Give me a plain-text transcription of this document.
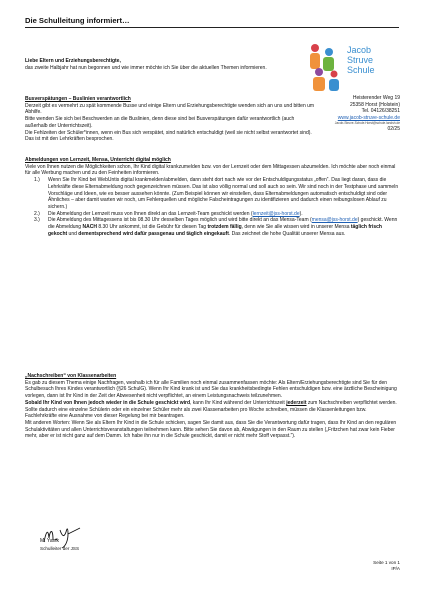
Die Schulleitung informiert…
Jacob
Struve
Schule
Heisterender Weg 19
25358 Horst (Holstein)
Tel. 04126/38251
www.jacob-struve-schule.de
Jacob-Struve-Schule.Horst@schule.landsh.de
02/25
Liebe Eltern und Erziehungsberechtigte,
das zweite Halbjahr hat nun begonnen und wie immer möchte ich Sie über die aktuellen Themen informieren.
Busverspätungen – Buslinien verantwortlich
Derzeit gibt es vermehrt zu spät kommende Busse und einige Eltern und Erziehungsberechtigte wenden sich an uns und bitten um Abhilfe.
Bitte wenden Sie sich bei Beschwerden an die Buslinien, denn diese sind bei Busverspätungen dafür verantwortlich (auch außerhalb der Unterrichtszeit).
Die Fehlzeiten der Schüler*innen, wenn ein Bus sich verspätet, sind natürlich entschuldigt (weil sie nicht selbst verantwortet sind). Das ist mit den Lehrkräften besprochen.
Abmeldungen von Lernzeit, Mensa, Unterricht digital möglich
Viele von Ihnen nutzen die Möglichkeiten schon, Ihr Kind digital krankzumelden bzw. von der Lernzeit oder dem Mittagessen abzumelden. Ich möchte aber noch einmal für alle Werbung machen und zu den Feinheiten informieren.
1.) Wenn Sie Ihr Kind bei WebUntis digital krankmelden/abmelden, dann steht dort nach wie vor der Entschuldigungsstatus „offen“. Das liegt daran, dass die Lehrkräfte diese Elternabmeldung noch gegenzeichnen müssen. Das ist also völlig normal und soll auch so sein. Wir sind noch in der Testphase und sammeln Vorschläge und Ideen, wie es besser aussehen könnte. (Zum Beispiel können wir einstellen, dass Elternabmeldungen automatisch entschuldigt sind oder Ähnliches – aber damit warten wir noch, um Fehlerquellen und mögliche Falscheintragungen zu identifizieren und dadurch einen reibungslosen Ablauf zu sichern.)
2.) Die Abmeldung der Lernzeit muss von Ihnen direkt an das Lernzeit-Team geschickt werden (lernzeit@jss-horst.de).
3.) Die Abmeldung des Mittagessens ist bis 08.30 Uhr desselben Tages möglich und wird bitte direkt an das Mensa-Team (mensa@jss-horst.de) geschickt. Wenn die Abmeldung NACH 8.30 Uhr ankommt, ist die Gebühr für diesen Tag trotzdem fällig, denn wie Sie alle wissen wird in unserer Mensa täglich frisch gekocht und dementsprechend wird dafür passgenau und täglich eingekauft. Das zeichnet die hohe Qualität unserer Mensa aus.
„Nachschreiben“ von Klassenarbeiten
Es gab zu diesem Thema einige Nachfragen, weshalb ich für alle Familien noch einmal zusammenfassen möchte: Als Eltern/Erziehungsberechtigte sind Sie für den Schulbesuch Ihres Kindes verantwortlich (§26 SchulG). Wenn Ihr Kind krank ist und Sie das krankheitsbedingte Fehlen entschuldigen bzw. eine ärztliche Bescheinigung vorlegen, dann ist Ihr Kind in der Zeit der Abwesenheit nicht verpflichtet, an einem Leistungsnachweis teilzunehmen.
Sobald Ihr Kind von Ihnen jedoch wieder in die Schule geschickt wird, kann Ihr Kind während der Unterrichtszeit jederzeit zum Nachschreiben verpflichtet werden. Sollte dadurch eine einzelne Schülerin oder ein einzelner Schüler mehr als zwei Klassenarbeiten pro Woche schreiben, müssen die Klassenleitungen bzw. Fachlehrkräfte eine Ausnahme von dieser Regelung bei mir beantragen.
Mit anderen Worten: Wenn Sie als Eltern Ihr Kind in die Schule schicken, sagen Sie damit aus, dass Sie die Verantwortung dafür tragen, dass Ihr Kind an den regulären Schulaktivitäten und allen Unterrichtsveranstaltungen teilnehmen kann. Bitte sehen Sie davon ab, Abwägungen in den Raum zu stellen („Fritzchen hat zwar kein Fieber mehr, aber er ist nicht ganz auf dem Damm. Ich habe ihn nur in die Schule geschickt, damit er nicht mehr Stoff verpasst.“).
M. Yanik
Schulleiter der JSS
Seite 1 von 1
IP/A
